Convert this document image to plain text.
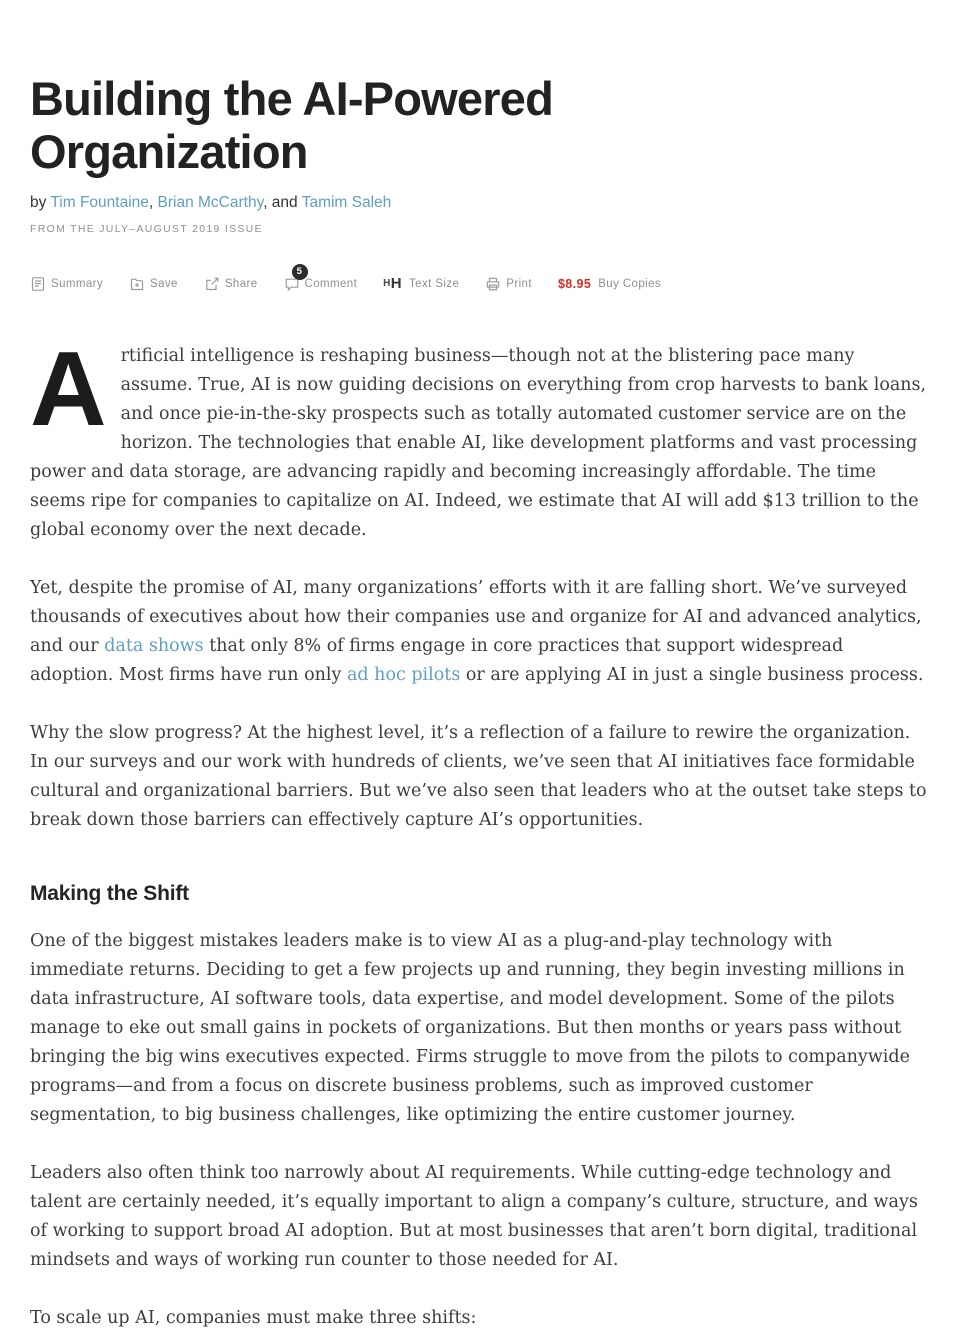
Building the AI-Powered Organization
by Tim Fountaine, Brian McCarthy, and Tamim Saleh
FROM THE JULY–AUGUST 2019 ISSUE
Summary	Save	Share
5
Comment	H H Text Size	Print $8.95 Buy Copies

Artificial intelligence is reshaping business—though not at the blistering pace many assume. True, AI is now guiding decisions on everything from crop harvests to bank loans, and once pie-in-the-sky prospects such as totally automated customer service are on the horizon. The technologies that enable AI, like development platforms and vast processing power and data storage, are advancing rapidly and becoming increasingly affordable. The time seems ripe for companies to capitalize on AI. Indeed, we estimate that AI will add $13 trillion to the global economy over the next decade.

Yet, despite the promise of AI, many organizations’ efforts with it are falling short. We’ve surveyed thousands of executives about how their companies use and organize for AI and advanced analytics, and our data shows that only 8% of firms engage in core practices that support widespread adoption. Most firms have run only ad hoc pilots or are applying AI in just a single business process.

Why the slow progress? At the highest level, it’s a reflection of a failure to rewire the organization. In our surveys and our work with hundreds of clients, we’ve seen that AI initiatives face formidable cultural and organizational barriers. But we’ve also seen that leaders who at the outset take steps to break down those barriers can effectively capture AI’s opportunities.

Making the Shift

One of the biggest mistakes leaders make is to view AI as a plug-and-play technology with immediate returns. Deciding to get a few projects up and running, they begin investing millions in data infrastructure, AI software tools, data expertise, and model development. Some of the pilots manage to eke out small gains in pockets of organizations. But then months or years pass without bringing the big wins executives expected. Firms struggle to move from the pilots to companywide programs—and from a focus on discrete business problems, such as improved customer segmentation, to big business challenges, like optimizing the entire customer journey.

Leaders also often think too narrowly about AI requirements. While cutting-edge technology and talent are certainly needed, it’s equally important to align a company’s culture, structure, and ways of working to support broad AI adoption. But at most businesses that aren’t born digital, traditional mindsets and ways of working run counter to those needed for AI.

To scale up AI, companies must make three shifts:
